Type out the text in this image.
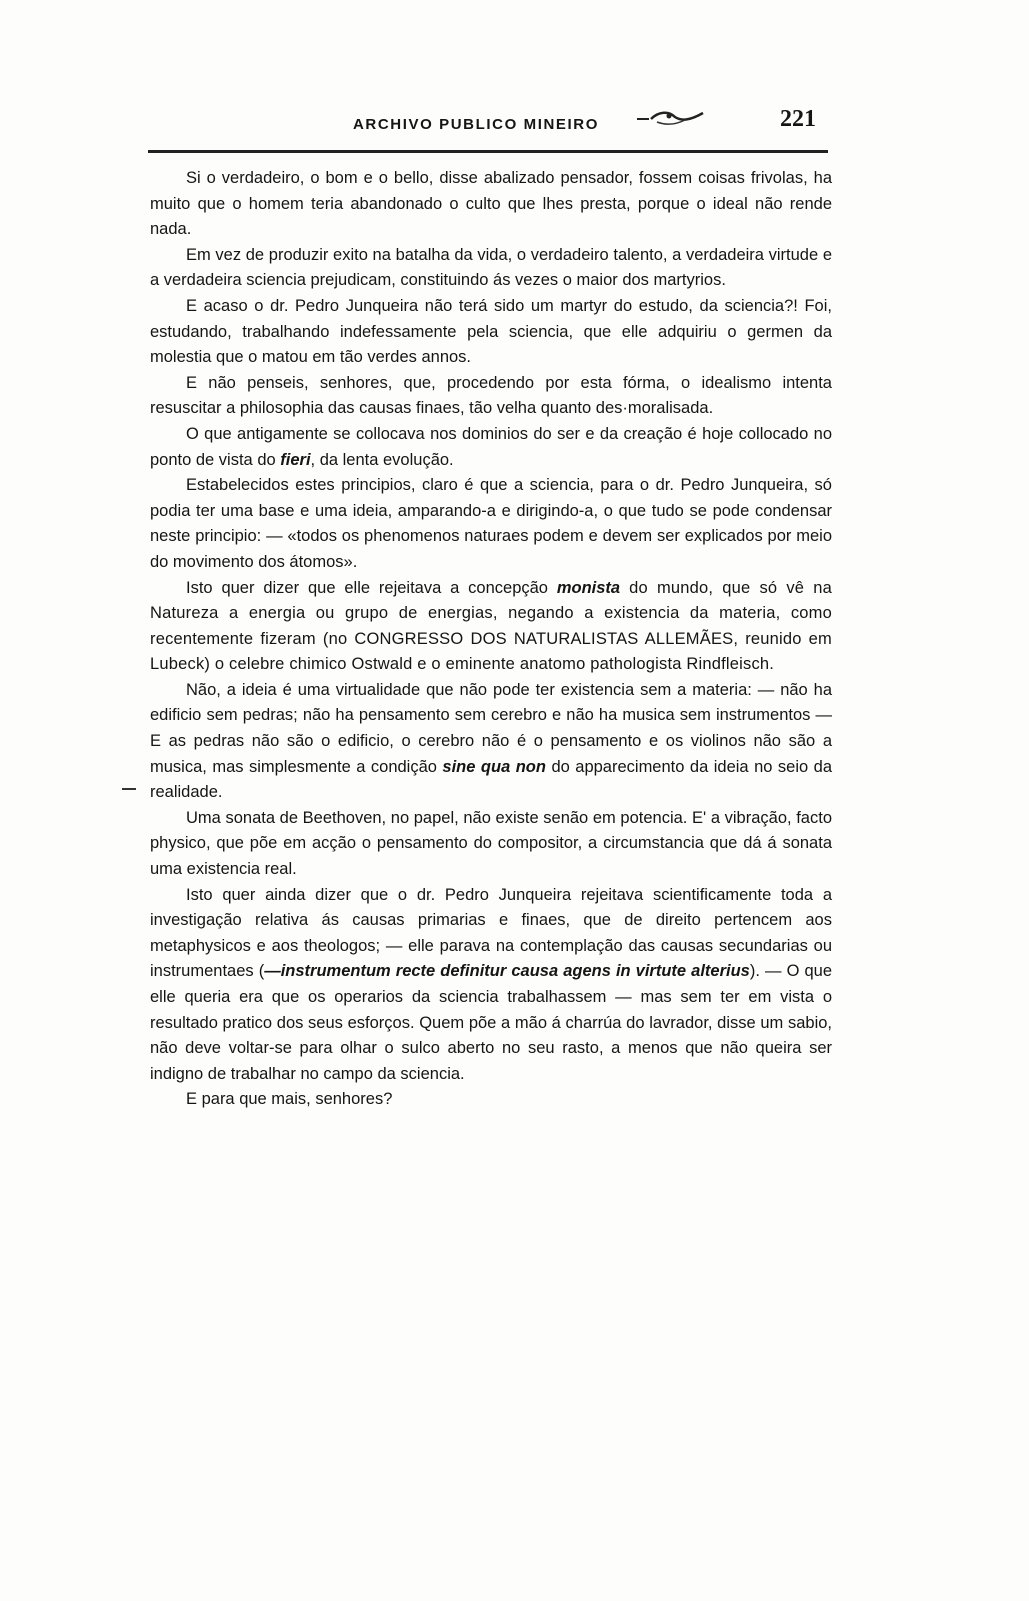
ARCHIVO PUBLICO MINEIRO	221

Si o verdadeiro, o bom e o bello, disse abalizado pensador, fossem coisas frivolas, ha muito que o homem teria abandonado o culto que lhes presta, porque o ideal não rende nada.

Em vez de produzir exito na batalha da vida, o verdadeiro talento, a verdadeira virtude e a verdadeira sciencia prejudicam, constituindo ás vezes o maior dos martyrios.

E acaso o dr. Pedro Junqueira não terá sido um martyr do estudo, da sciencia?! Foi, estudando, trabalhando indefessamente pela sciencia, que elle adquiriu o germen da molestia que o matou em tão verdes annos.

E não penseis, senhores, que, procedendo por esta fórma, o idealismo intenta resuscitar a philosophia das causas finaes, tão velha quanto des·moralisada.

O que antigamente se collocava nos dominios do ser e da creação é hoje collocado no ponto de vista do fieri, da lenta evolução.

Estabelecidos estes principios, claro é que a sciencia, para o dr. Pedro Junqueira, só podia ter uma base e uma ideia, amparando-a e dirigindo-a, o que tudo se pode condensar neste principio: — «todos os phenomenos naturaes podem e devem ser explicados por meio do movimento dos átomos».

Isto quer dizer que elle rejeitava a concepção monista do mundo, que só vê na Natureza a energia ou grupo de energias, negando a existencia da materia, como recentemente fizeram (no CONGRESSO DOS NATURALISTAS ALLEMÃES, reunido em Lubeck) o celebre chimico Ostwald e o eminente anatomo pathologista Rindfleisch.

Não, a ideia é uma virtualidade que não pode ter existencia sem a materia: — não ha edificio sem pedras; não ha pensamento sem cerebro e não ha musica sem instrumentos — E as pedras não são o edificio, o cerebro não é o pensamento e os violinos não são a musica, mas simplesmente a condição sine qua non do apparecimento da ideia no seio da realidade.

Uma sonata de Beethoven, no papel, não existe senão em potencia. E' a vibração, facto physico, que põe em acção o pensamento do compositor, a circumstancia que dá á sonata uma existencia real.

Isto quer ainda dizer que o dr. Pedro Junqueira rejeitava scientificamente toda a investigação relativa ás causas primarias e finaes, que de direito pertencem aos metaphysicos e aos theologos; — elle parava na contemplação das causas secundarias ou instrumentaes (—instrumentum recte definitur causa agens in virtute alterius). — O que elle queria era que os operarios da sciencia trabalhassem — mas sem ter em vista o resultado pratico dos seus esforços. Quem põe a mão á charrúa do lavrador, disse um sabio, não deve voltar-se para olhar o sulco aberto no seu rasto, a menos que não queira ser indigno de trabalhar no campo da sciencia.

E para que mais, senhores?
